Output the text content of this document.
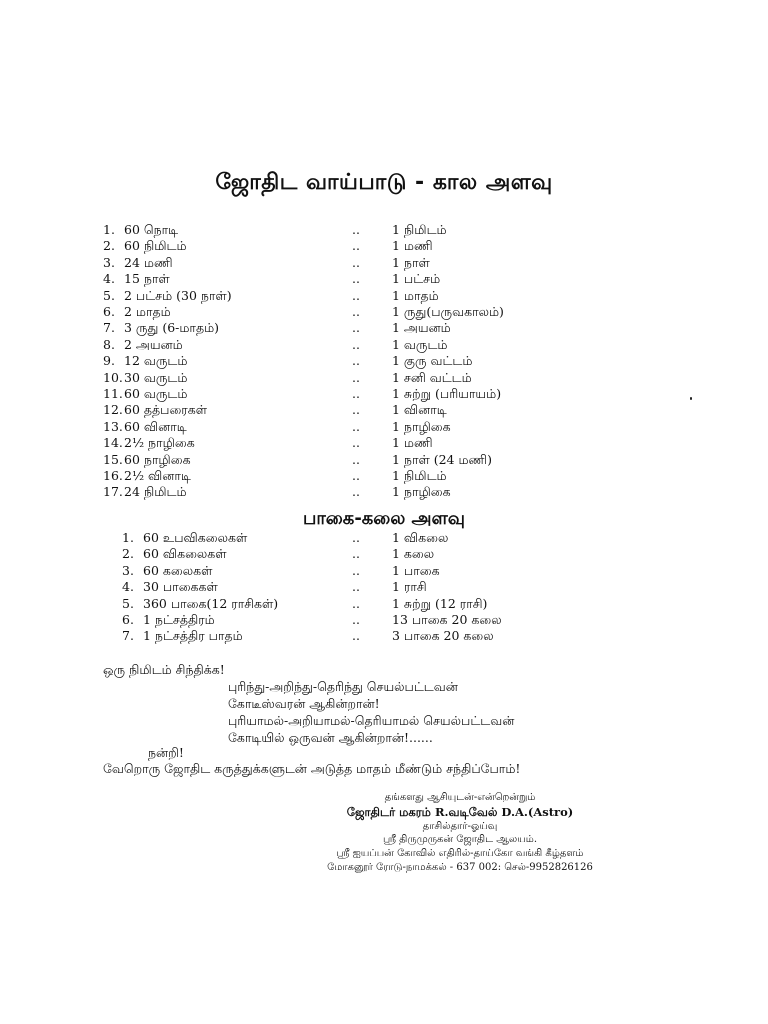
ஜோதிட வாய்பாடு - கால அளவு
1. 60 நொடி	..	1 நிமிடம்
2. 60 நிமிடம்	..	1 மணி
3. 24 மணி	..	1 நாள்
4. 15 நாள்	..	1 பட்சம்
5. 2 பட்சம் (30 நாள்)	..	1 மாதம்
6. 2 மாதம்	..	1 ருது(பருவகாலம்)
7. 3 ருது (6-மாதம்)	..	1 அயனம்
8. 2 அயனம்	..	1 வருடம்
9. 12 வருடம்	..	1 குரு வட்டம்
10. 30 வருடம்	..	1 சனி வட்டம்
11. 60 வருடம்	..	1 சுற்று (பரியாயம்)
12. 60 தத்பரைகள்	..	1 வினாடி
13. 60 வினாடி	..	1 நாழிகை
14. 2½ நாழிகை	..	1 மணி
15. 60 நாழிகை	..	1 நாள் (24 மணி)
16. 2½ வினாடி	..	1 நிமிடம்
17. 24 நிமிடம்	..	1 நாழிகை
பாகை-கலை அளவு
1. 60 உபவிகலைகள்	..	1 விகலை
2. 60 விகலைகள்	..	1 கலை
3. 60 கலைகள்	..	1 பாகை
4. 30 பாகைகள்	..	1 ராசி
5. 360 பாகை(12 ராசிகள்)	..	1 சுற்று (12 ராசி)
6. 1 நட்சத்திரம்	..	13 பாகை 20 கலை
7. 1 நட்சத்திர பாதம்	..	3 பாகை 20 கலை
ஒரு நிமிடம் சிந்திக்க!
புரிந்து-அறிந்து-தெரிந்து செயல்பட்டவன்
கோடீஸ்வரன் ஆகின்றான்!
புரியாமல்-அறியாமல்-தெரியாமல் செயல்பட்டவன்
கோடியில் ஒருவன் ஆகின்றான்!......
நன்றி!
வேறொரு ஜோதிட கருத்துக்களுடன் அடுத்த மாதம் மீண்டும் சந்திப்போம்!
தங்களது ஆசியுடன்-என்றென்றும்
ஜோதிடர் மகரம் R.வடிவேல் D.A.(Astro)
தாசில்தார்-ஓய்வு
ஸ்ரீ திருமுருகன் ஜோதிட ஆலயம்.
ஸ்ரீ ஐயப்பன் கோவில் எதிரில்-தாய்கோ வங்கி கீழ்தளம்
மோகனூர் ரோடு-நாமக்கல் - 637 002: செல்-9952826126
